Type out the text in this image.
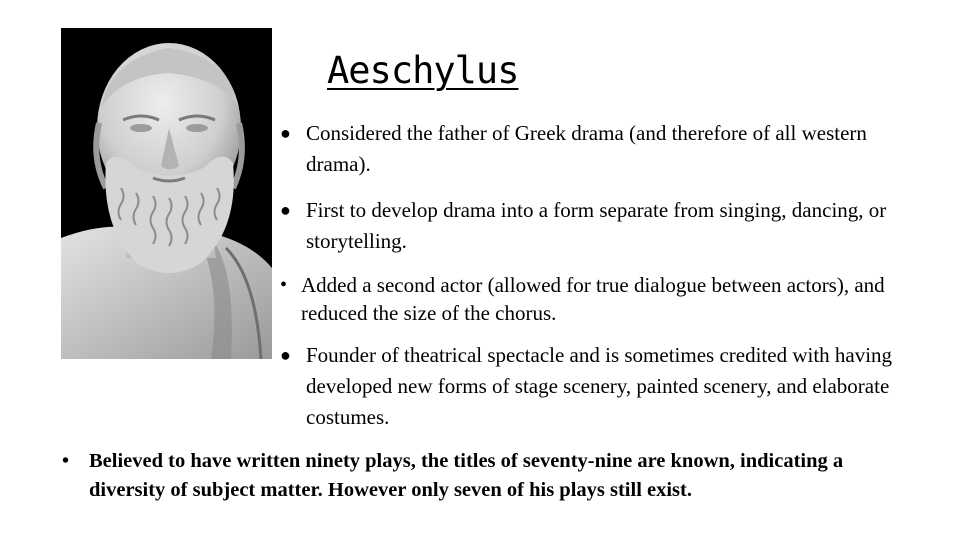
Aeschylus

● Considered the father of Greek drama (and therefore of all western drama).

● First to develop drama into a form separate from singing, dancing, or storytelling.

• Added a second actor (allowed for true dialogue between actors), and reduced the size of the chorus.

● Founder of theatrical spectacle and is sometimes credited with having developed new forms of stage scenery, painted scenery, and elaborate costumes.

• Believed to have written ninety plays, the titles of seventy-nine are known, indicating a diversity of subject matter. However only seven of his plays still exist.
